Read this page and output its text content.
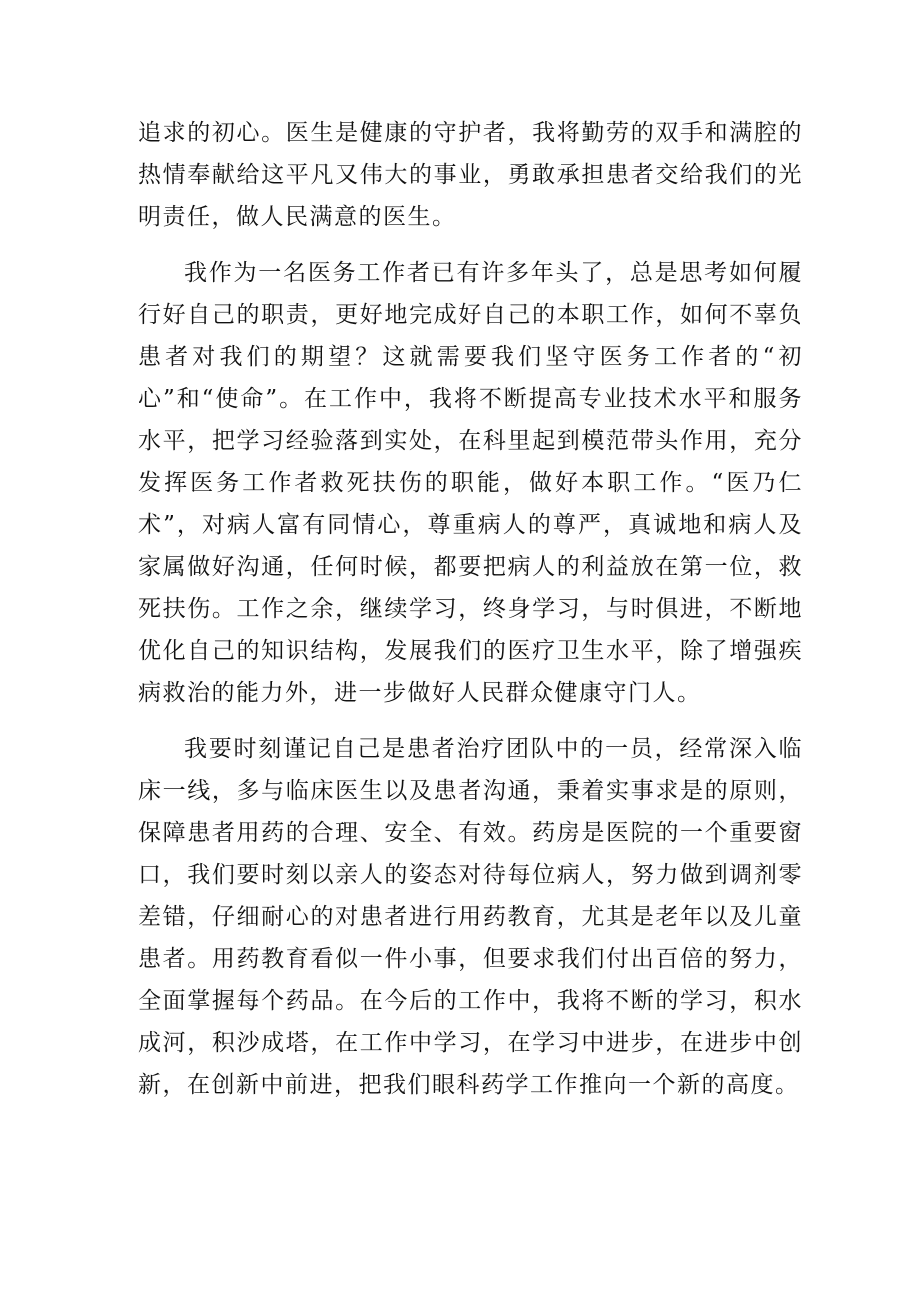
追求的初心。医生是健康的守护者，我将勤劳的双手和满腔的热情奉献给这平凡又伟大的事业，勇敢承担患者交给我们的光明责任，做人民满意的医生。

我作为一名医务工作者已有许多年头了，总是思考如何履行好自己的职责，更好地完成好自己的本职工作，如何不辜负患者对我们的期望？这就需要我们坚守医务工作者的“初心”和“使命”。在工作中，我将不断提高专业技术水平和服务水平，把学习经验落到实处，在科里起到模范带头作用，充分发挥医务工作者救死扶伤的职能，做好本职工作。“医乃仁术”，对病人富有同情心，尊重病人的尊严，真诚地和病人及家属做好沟通，任何时候，都要把病人的利益放在第一位，救死扶伤。工作之余，继续学习，终身学习，与时俱进，不断地优化自己的知识结构，发展我们的医疗卫生水平，除了增强疾病救治的能力外，进一步做好人民群众健康守门人。

我要时刻谨记自己是患者治疗团队中的一员，经常深入临床一线，多与临床医生以及患者沟通，秉着实事求是的原则，保障患者用药的合理、安全、有效。药房是医院的一个重要窗口，我们要时刻以亲人的姿态对待每位病人，努力做到调剂零差错，仔细耐心的对患者进行用药教育，尤其是老年以及儿童患者。用药教育看似一件小事，但要求我们付出百倍的努力，全面掌握每个药品。在今后的工作中，我将不断的学习，积水成河，积沙成塔，在工作中学习，在学习中进步，在进步中创新，在创新中前进，把我们眼科药学工作推向一个新的高度。
